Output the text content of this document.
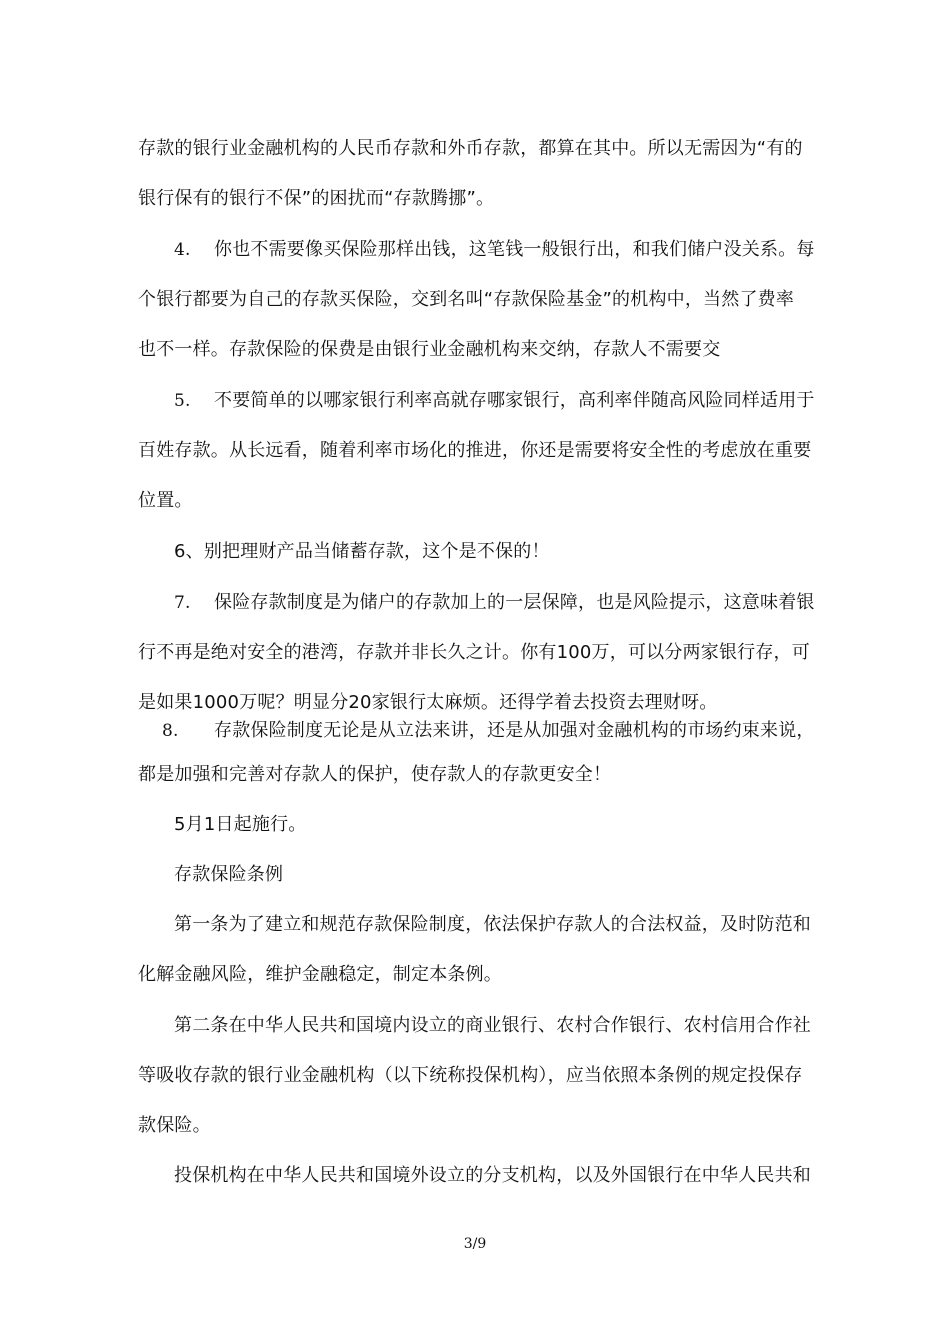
存款的银行业金融机构的人民币存款和外币存款，都算在其中。所以无需因为“有的
银行保有的银行不保”的困扰而“存款腾挪”。
4. 你也不需要像买保险那样出钱，这笔钱一般银行出，和我们储户没关系。每
个银行都要为自己的存款买保险，交到名叫“存款保险基金”的机构中，当然了费率
也不一样。存款保险的保费是由银行业金融机构来交纳，存款人不需要交
5. 不要简单的以哪家银行利率高就存哪家银行，高利率伴随高风险同样适用于
百姓存款。从长远看，随着利率市场化的推进，你还是需要将安全性的考虑放在重要
位置。
6、别把理财产品当储蓄存款，这个是不保的！
7. 保险存款制度是为储户的存款加上的一层保障，也是风险提示，这意味着银
行不再是绝对安全的港湾，存款并非长久之计。你有100万，可以分两家银行存，可
是如果1000万呢？明显分20家银行太麻烦。还得学着去投资去理财呀。
8. 存款保险制度无论是从立法来讲，还是从加强对金融机构的市场约束来说，
都是加强和完善对存款人的保护，使存款人的存款更安全！
5月1日起施行。
存款保险条例
第一条为了建立和规范存款保险制度，依法保护存款人的合法权益，及时防范和
化解金融风险，维护金融稳定，制定本条例。
第二条在中华人民共和国境内设立的商业银行、农村合作银行、农村信用合作社
等吸收存款的银行业金融机构（以下统称投保机构），应当依照本条例的规定投保存
款保险。
投保机构在中华人民共和国境外设立的分支机构，以及外国银行在中华人民共和
3/9
